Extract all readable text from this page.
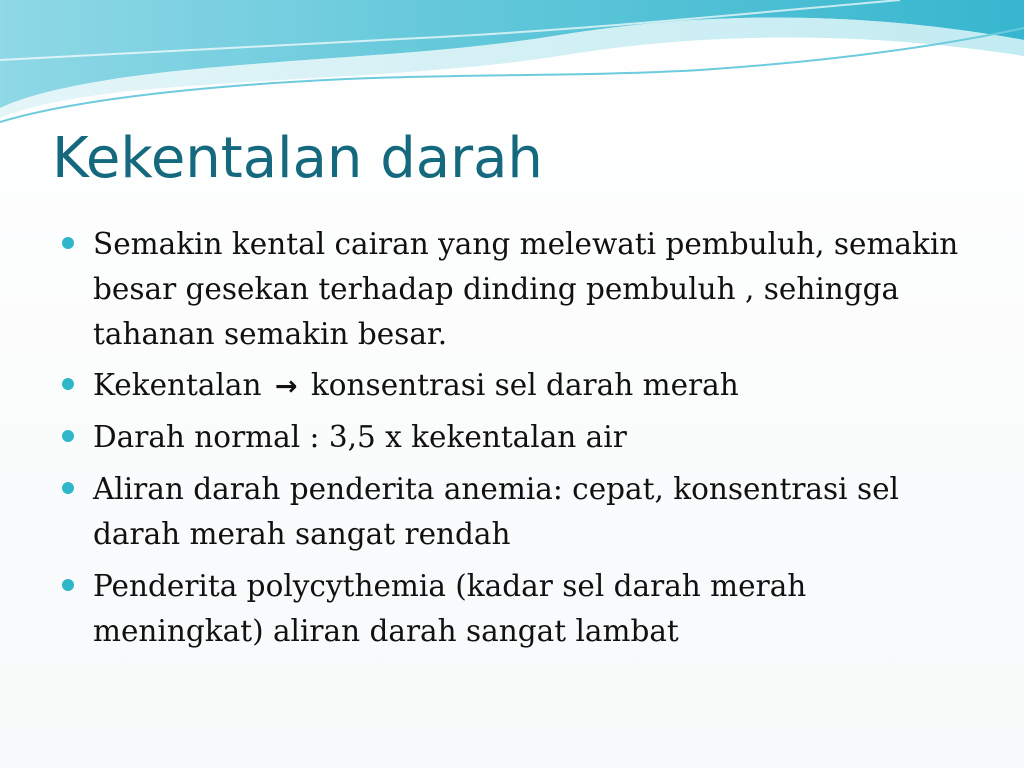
Kekentalan darah
Semakin kental cairan yang melewati pembuluh, semakin besar gesekan terhadap dinding pembuluh , sehingga tahanan semakin besar.
Kekentalan → konsentrasi sel darah merah
Darah normal : 3,5 x kekentalan air
Aliran darah penderita anemia: cepat, konsentrasi sel darah merah sangat rendah
Penderita polycythemia (kadar sel darah merah meningkat) aliran darah sangat lambat
